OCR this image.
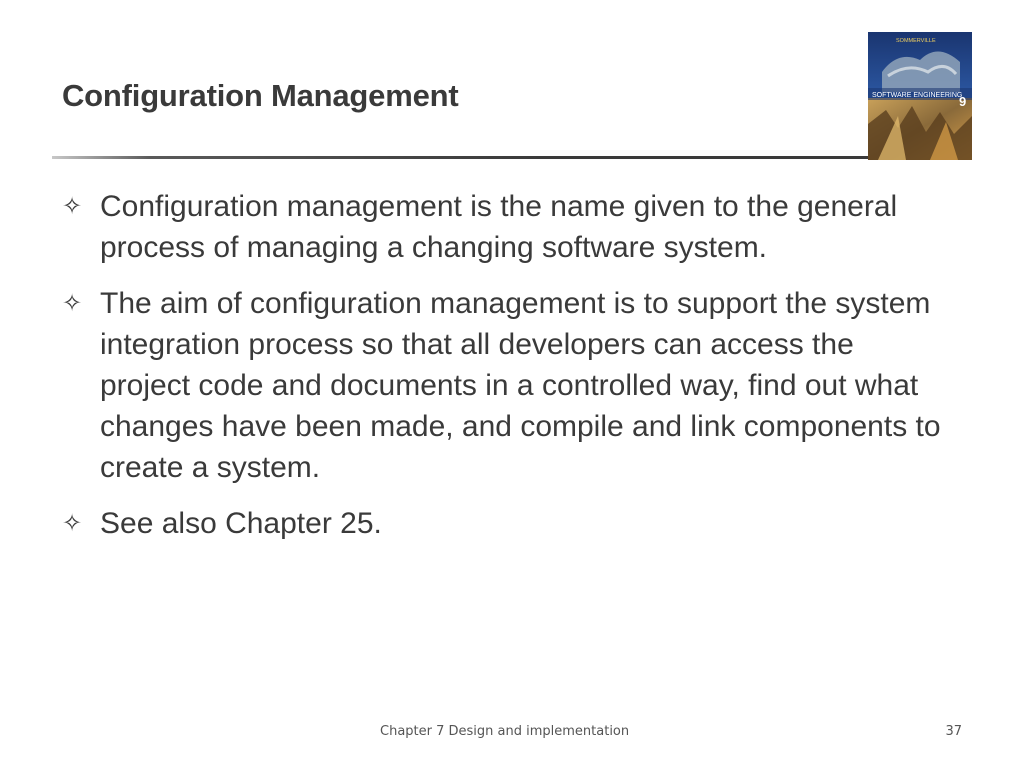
Configuration Management	SOFTWARE ENGINEERING
9
SOMMERVILLE
✧ Configuration management is the name given to the general process of managing a changing software system.
✧ The aim of configuration management is to support the system integration process so that all developers can access the project code and documents in a controlled way, find out what changes have been made, and compile and link components to create a system.
✧ See also Chapter 25.
Chapter 7 Design and implementation	37
